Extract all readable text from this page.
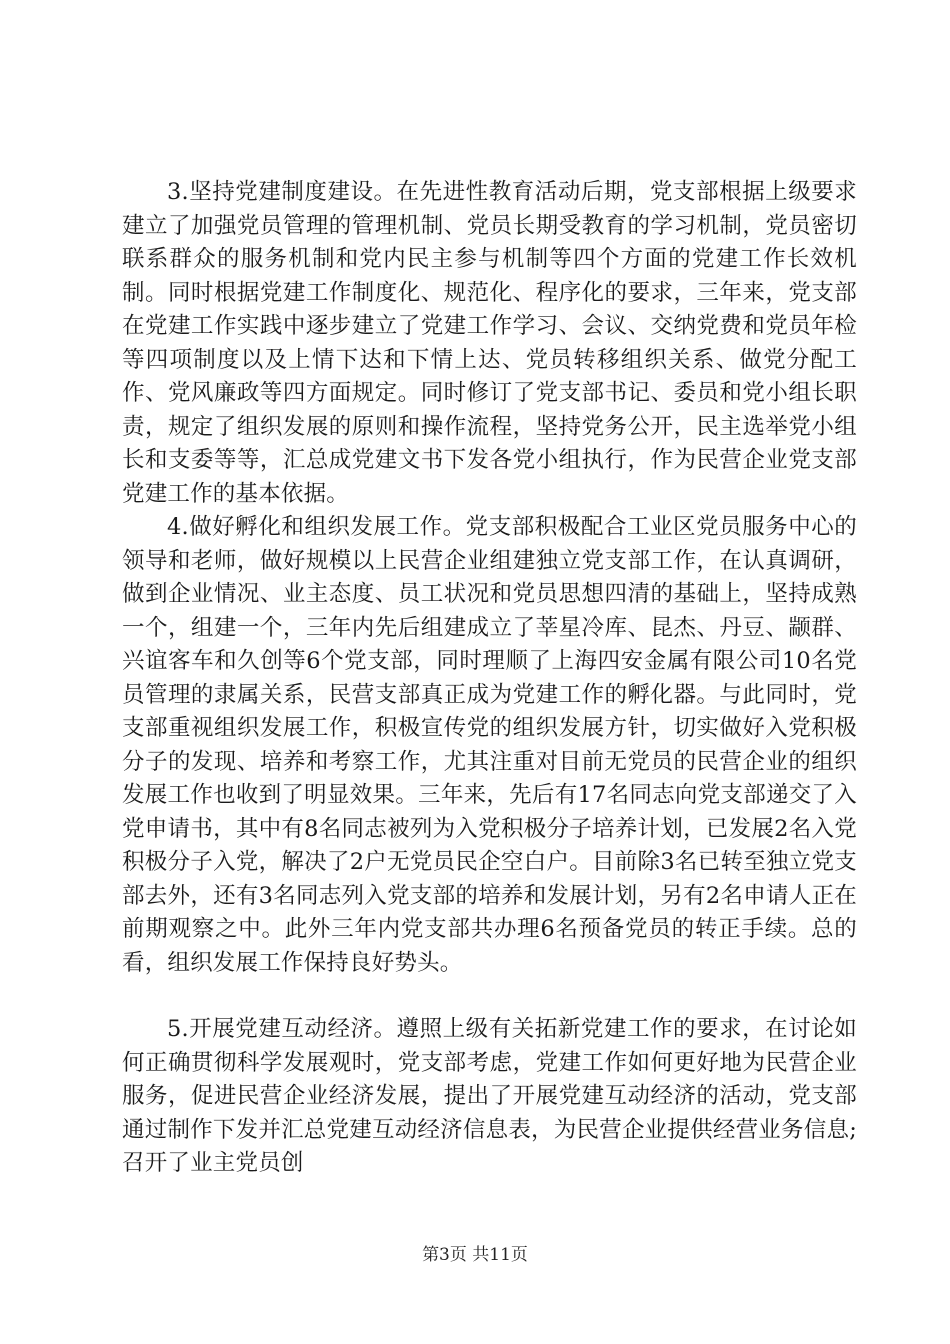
3.坚持党建制度建设。在先进性教育活动后期，党支部根据上级要求建立了加强党员管理的管理机制、党员长期受教育的学习机制，党员密切联系群众的服务机制和党内民主参与机制等四个方面的党建工作长效机制。同时根据党建工作制度化、规范化、程序化的要求，三年来，党支部在党建工作实践中逐步建立了党建工作学习、会议、交纳党费和党员年检等四项制度以及上情下达和下情上达、党员转移组织关系、做党分配工作、党风廉政等四方面规定。同时修订了党支部书记、委员和党小组长职责，规定了组织发展的原则和操作流程，坚持党务公开，民主选举党小组长和支委等等，汇总成党建文书下发各党小组执行，作为民营企业党支部党建工作的基本依据。

4.做好孵化和组织发展工作。党支部积极配合工业区党员服务中心的领导和老师，做好规模以上民营企业组建独立党支部工作，在认真调研，做到企业情况、业主态度、员工状况和党员思想四清的基础上，坚持成熟一个，组建一个，三年内先后组建成立了莘星冷库、昆杰、丹豆、颛群、兴谊客车和久创等6个党支部，同时理顺了上海四安金属有限公司10名党员管理的隶属关系，民营支部真正成为党建工作的孵化器。与此同时，党支部重视组织发展工作，积极宣传党的组织发展方针，切实做好入党积极分子的发现、培养和考察工作，尤其注重对目前无党员的民营企业的组织发展工作也收到了明显效果。三年来，先后有17名同志向党支部递交了入党申请书，其中有8名同志被列为入党积极分子培养计划，已发展2名入党积极分子入党，解决了2户无党员民企空白户。目前除3名已转至独立党支部去外，还有3名同志列入党支部的培养和发展计划，另有2名申请人正在前期观察之中。此外三年内党支部共办理6名预备党员的转正手续。总的看，组织发展工作保持良好势头。

5.开展党建互动经济。遵照上级有关拓新党建工作的要求，在讨论如何正确贯彻科学发展观时，党支部考虑，党建工作如何更好地为民营企业服务，促进民营企业经济发展，提出了开展党建互动经济的活动，党支部通过制作下发并汇总党建互动经济信息表，为民营企业提供经营业务信息;召开了业主党员创

第3页 共11页
